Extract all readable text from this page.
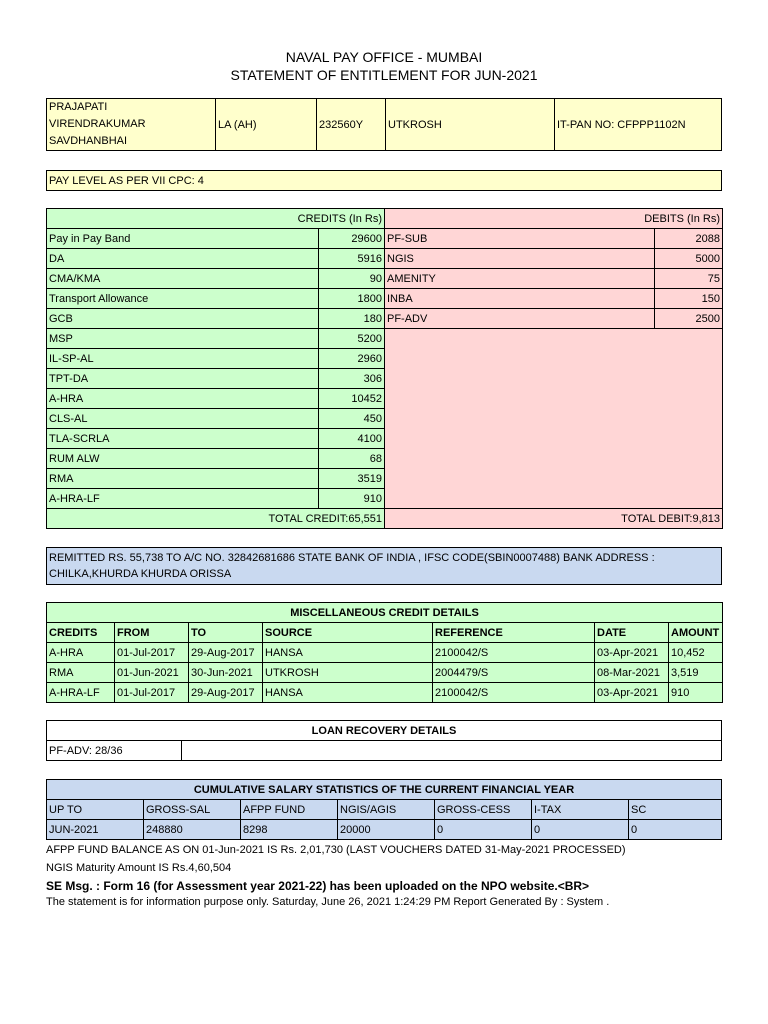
NAVAL PAY OFFICE - MUMBAI
STATEMENT OF ENTITLEMENT FOR JUN-2021
PRAJAPATI
VIRENDRAKUMAR
SAVDHANBHAI
	LA (AH)	232560Y	UTKROSH	IT-PAN NO: CFPPP1102N
PAY LEVEL AS PER VII CPC: 4
CREDITS (In Rs)		DEBITS (In Rs)	
Pay in Pay Band	29600	PF-SUB	2088
DA	5916	NGIS	5000
CMA/KMA	90	AMENITY	75
Transport Allowance	1800	INBA	150
GCB	180	PF-ADV	2500
MSP	5200		
IL-SP-AL	2960		
TPT-DA	306		
A-HRA	10452		
CLS-AL	450		
TLA-SCRLA	4100		
RUM ALW	68		
RMA	3519		
A-HRA-LF	910		
TOTAL CREDIT:65,551		TOTAL DEBIT:9,813	
REMITTED RS. 55,738 TO A/C NO. 32842681686 STATE BANK OF INDIA , IFSC CODE(SBIN0007488) BANK ADDRESS :
CHILKA,KHURDA KHURDA ORISSA
MISCELLANEOUS CREDIT DETAILS						
CREDITS	FROM	TO	SOURCE	REFERENCE	DATE	AMOUNT
A-HRA	01-Jul-2017	29-Aug-2017	HANSA	2100042/S	03-Apr-2021	10,452
RMA	01-Jun-2021	30-Jun-2021	UTKROSH	2004479/S	08-Mar-2021	3,519
A-HRA-LF	01-Jul-2017	29-Aug-2017	HANSA	2100042/S	03-Apr-2021	910
LOAN RECOVERY DETAILS
PF-ADV: 28/36	
CUMULATIVE SALARY STATISTICS OF THE CURRENT FINANCIAL YEAR						
UP TO	GROSS-SAL	AFPP FUND	NGIS/AGIS	GROSS-CESS	I-TAX	SC
JUN-2021	248880	8298	20000	0	0	0
AFPP FUND BALANCE AS ON 01-Jun-2021 IS Rs. 2,01,730 (LAST VOUCHERS DATED 31-May-2021 PROCESSED)
NGIS Maturity Amount IS Rs.4,60,504
SE Msg. : Form 16 (for Assessment year 2021-22) has been uploaded on the NPO website.<BR>
The statement is for information purpose only. Saturday, June 26, 2021 1:24:29 PM Report Generated By : System .
